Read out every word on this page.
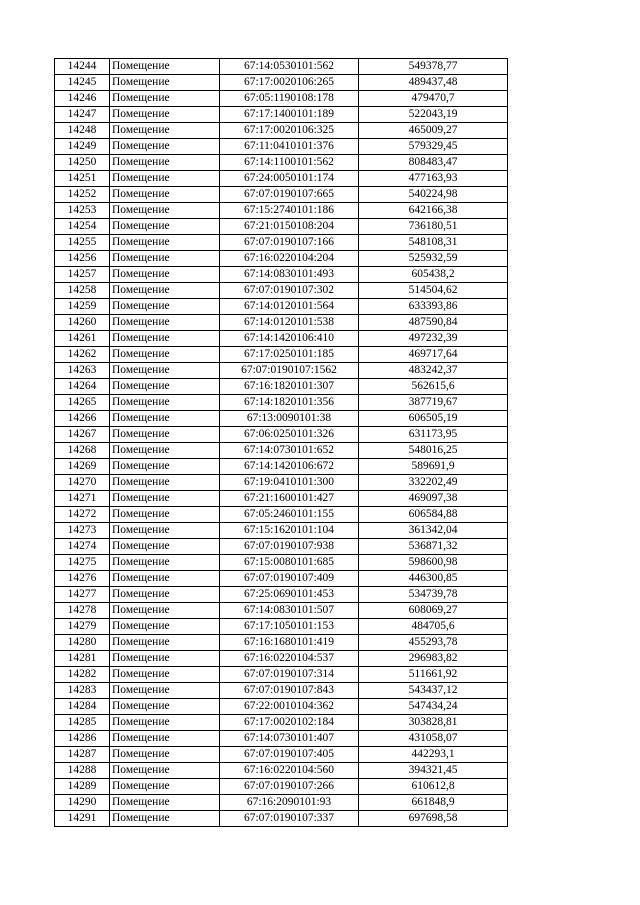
14244	Помещение	67:14:0530101:562	549378,77
14245	Помещение	67:17:0020106:265	489437,48
14246	Помещение	67:05:1190108:178	479470,7
14247	Помещение	67:17:1400101:189	522043,19
14248	Помещение	67:17:0020106:325	465009,27
14249	Помещение	67:11:0410101:376	579329,45
14250	Помещение	67:14:1100101:562	808483,47
14251	Помещение	67:24:0050101:174	477163,93
14252	Помещение	67:07:0190107:665	540224,98
14253	Помещение	67:15:2740101:186	642166,38
14254	Помещение	67:21:0150108:204	736180,51
14255	Помещение	67:07:0190107:166	548108,31
14256	Помещение	67:16:0220104:204	525932,59
14257	Помещение	67:14:0830101:493	605438,2
14258	Помещение	67:07:0190107:302	514504,62
14259	Помещение	67:14:0120101:564	633393,86
14260	Помещение	67:14:0120101:538	487590,84
14261	Помещение	67:14:1420106:410	497232,39
14262	Помещение	67:17:0250101:185	469717,64
14263	Помещение	67:07:0190107:1562	483242,37
14264	Помещение	67:16:1820101:307	562615,6
14265	Помещение	67:14:1820101:356	387719,67
14266	Помещение	67:13:0090101:38	606505,19
14267	Помещение	67:06:0250101:326	631173,95
14268	Помещение	67:14:0730101:652	548016,25
14269	Помещение	67:14:1420106:672	589691,9
14270	Помещение	67:19:0410101:300	332202,49
14271	Помещение	67:21:1600101:427	469097,38
14272	Помещение	67:05:2460101:155	606584,88
14273	Помещение	67:15:1620101:104	361342,04
14274	Помещение	67:07:0190107:938	536871,32
14275	Помещение	67:15:0080101:685	598600,98
14276	Помещение	67:07:0190107:409	446300,85
14277	Помещение	67:25:0690101:453	534739,78
14278	Помещение	67:14:0830101:507	608069,27
14279	Помещение	67:17:1050101:153	484705,6
14280	Помещение	67:16:1680101:419	455293,78
14281	Помещение	67:16:0220104:537	296983,82
14282	Помещение	67:07:0190107:314	511661,92
14283	Помещение	67:07:0190107:843	543437,12
14284	Помещение	67:22:0010104:362	547434,24
14285	Помещение	67:17:0020102:184	303828,81
14286	Помещение	67:14:0730101:407	431058,07
14287	Помещение	67:07:0190107:405	442293,1
14288	Помещение	67:16:0220104:560	394321,45
14289	Помещение	67:07:0190107:266	610612,8
14290	Помещение	67:16:2090101:93	661848,9
14291	Помещение	67:07:0190107:337	697698,58
